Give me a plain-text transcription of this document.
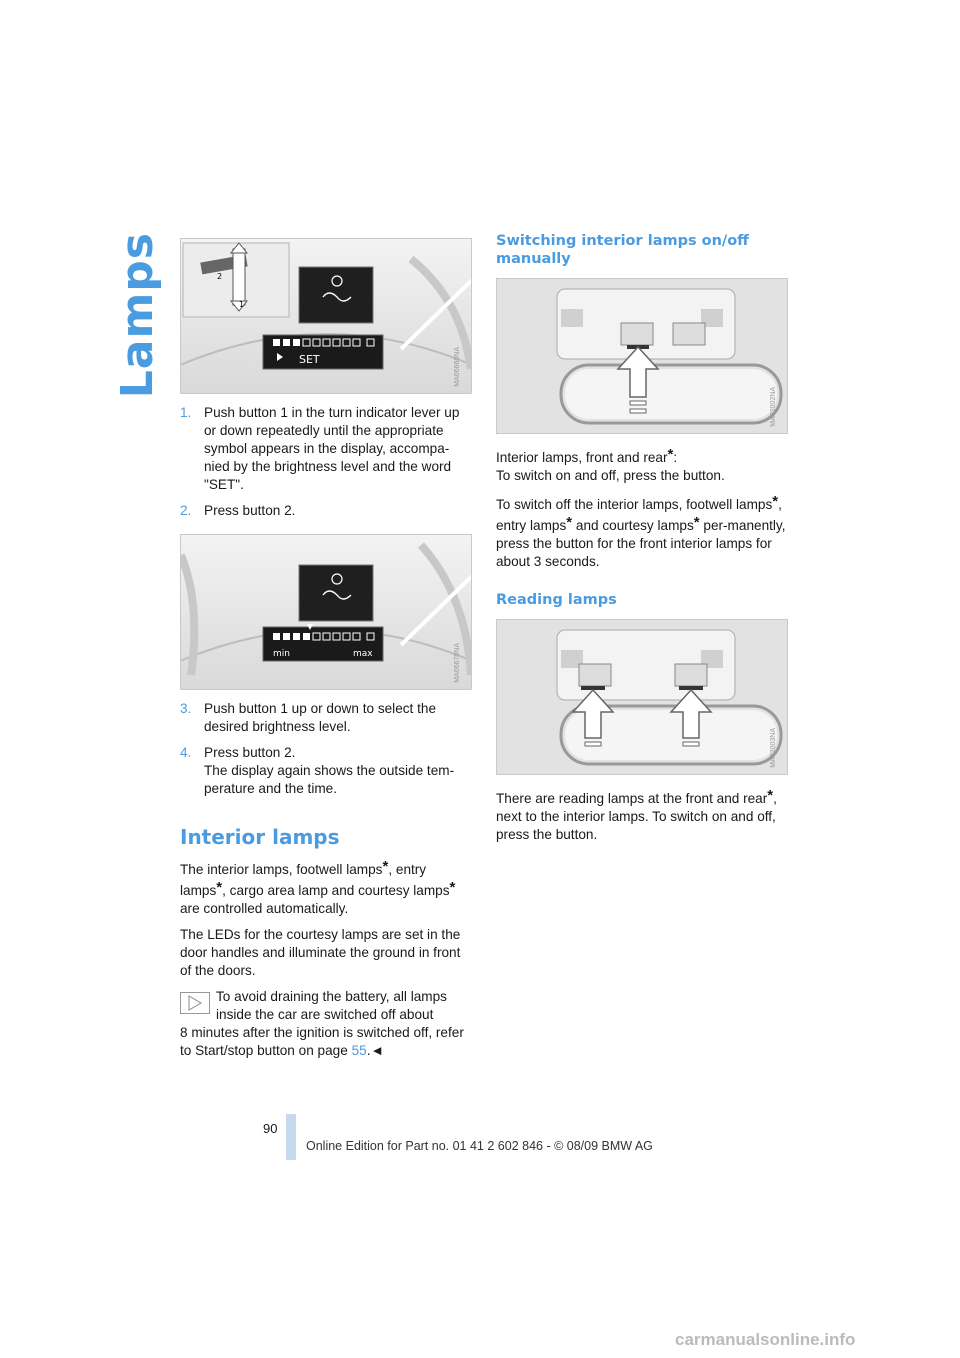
Lamps	2
1
SET	MA06660NA
1. Push button 1 in the turn indicator lever up or down repeatedly until the appropriate symbol appears in the display, accompa-nied by the brightness level and the word "SET".
2. Press button 2.
min	max	MA06670NA
3. Push button 1 up or down to select the desired brightness level.
4. Press button 2.
The display again shows the outside tem-perature and the time.
Interior lamps

The interior lamps, footwell lamps*, entry lamps*, cargo area lamp and courtesy lamps* are controlled automatically.

The LEDs for the courtesy lamps are set in the door handles and illuminate the ground in front of the doors.

To avoid draining the battery, all lamps inside the car are switched off about
8 minutes after the ignition is switched off, refer to Start/stop button on page 55.◄
Switching interior lamps on/off manually
MA02002NA

Interior lamps, front and rear*:
To switch on and off, press the button.

To switch off the interior lamps, footwell lamps*, entry lamps* and courtesy lamps* per-manently, press the button for the front interior lamps for about 3 seconds.

Reading lamps
MA02003NA

There are reading lamps at the front and rear*, next to the interior lamps. To switch on and off, press the button.

90
Online Edition for Part no. 01 41 2 602 846 - © 08/09 BMW AG
carmanualsonline.info
